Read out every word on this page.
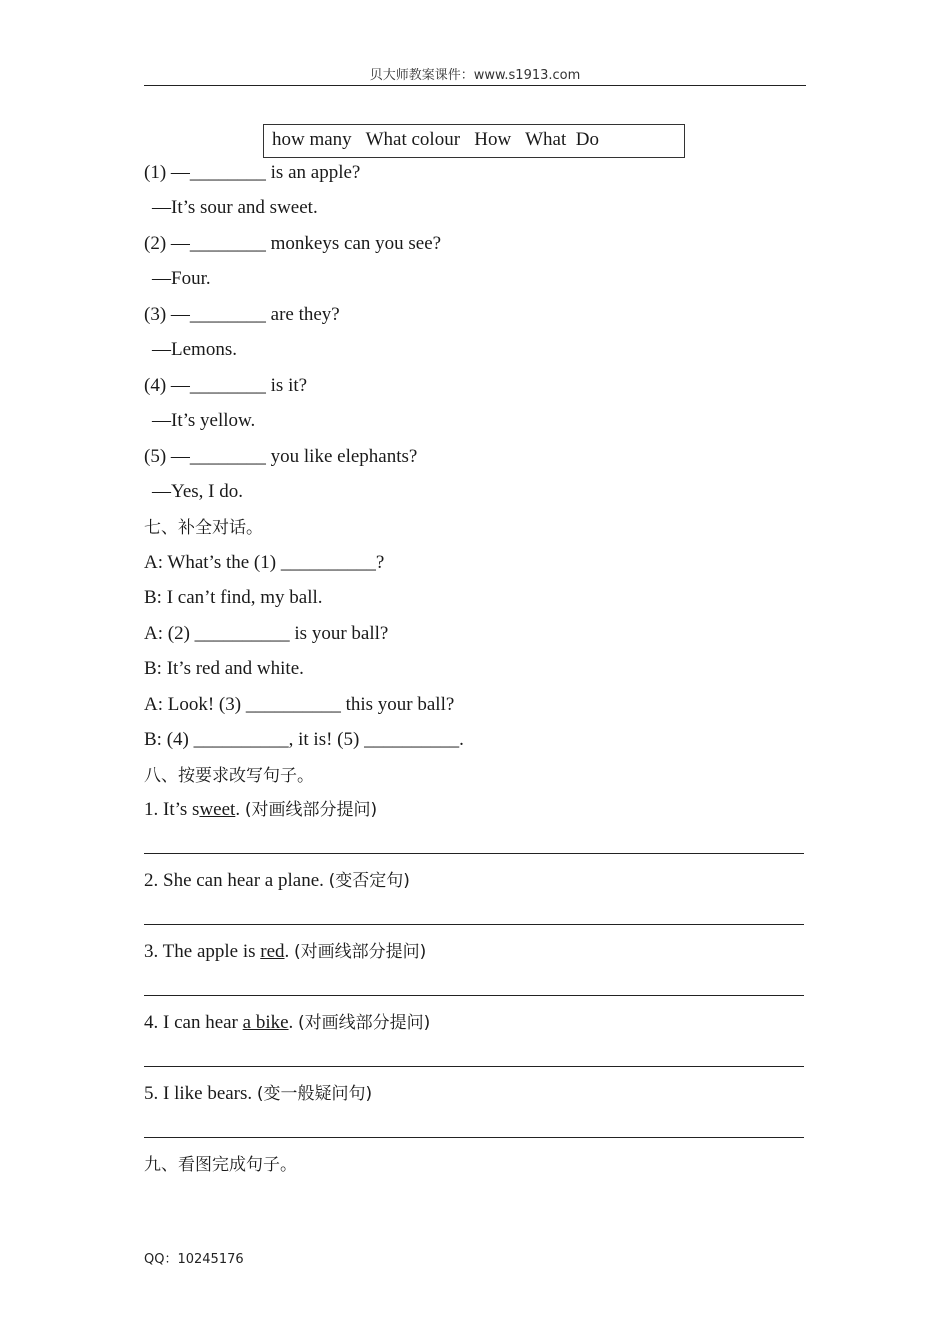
贝大师教案课件：www.s1913.com
how many   What colour   How   What  Do
(1) —________ is an apple?
—It’s sour and sweet.
(2) —________ monkeys can you see?
—Four.
(3) —________ are they?
—Lemons.
(4) —________ is it?
—It’s yellow.
(5) —________ you like elephants?
—Yes, I do.
七、补全对话。
A: What’s the (1) __________?
B: I can’t find, my ball.
A: (2) __________ is your ball?
B: It’s red and white.
A: Look! (3) __________ this your ball?
B: (4) __________, it is! (5) __________.
八、按要求改写句子。
1. It’s sweet. (对画线部分提问)
2. She can hear a plane. (变否定句)
3. The apple is red. (对画线部分提问)
4. I can hear a bike. (对画线部分提问)
5. I like bears. (变一般疑问句)
九、看图完成句子。
QQ：10245176
